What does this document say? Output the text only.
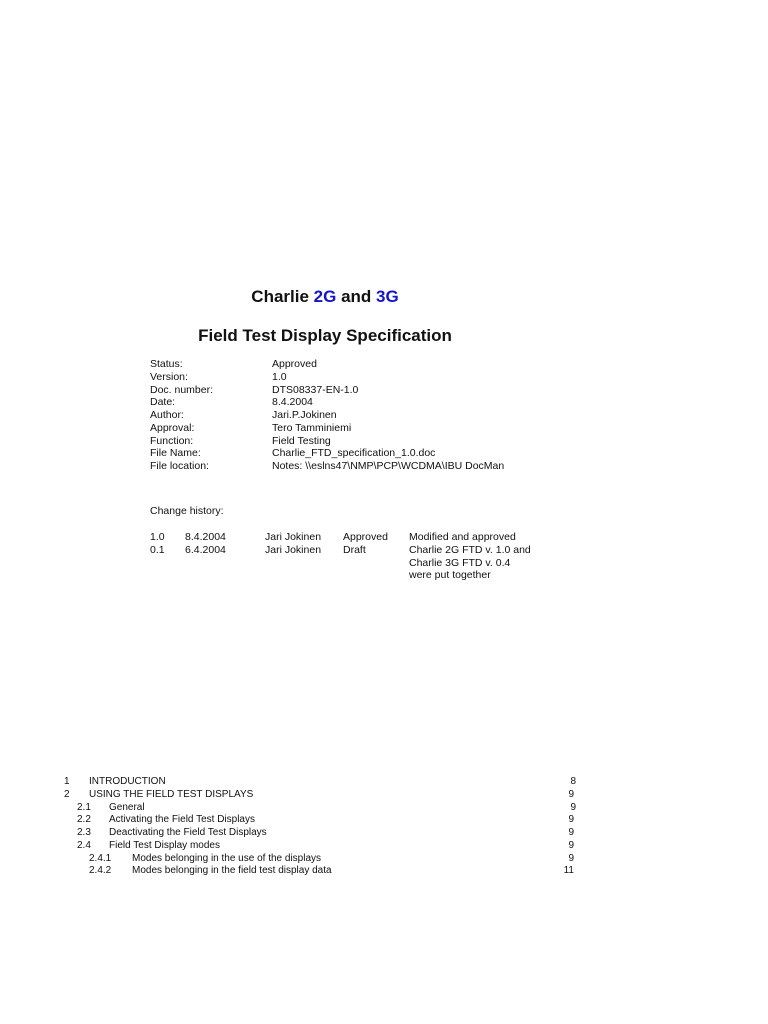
Charlie 2G and 3G
Field Test Display Specification
Status:	Approved
Version:	1.0
Doc. number:	DTS08337-EN-1.0
Date:	8.4.2004
Author:	Jari.P.Jokinen
Approval:	Tero Tamminiemi
Function:	Field Testing
File Name:	Charlie_FTD_specification_1.0.doc
File location:	Notes: \\eslns47\NMP\PCP\WCDMA\IBU DocMan
Change history:
1.0	8.4.2004	Jari Jokinen	Approved	Modified and approved
0.1	6.4.2004	Jari Jokinen	Draft	Charlie 2G FTD v. 1.0 and Charlie 3G FTD v. 0.4 were put together
1	INTRODUCTION .....	8
2	USING THE FIELD TEST DISPLAYS .....	9
2.1	General .....	9
2.2	Activating the Field Test Displays .....	9
2.3	Deactivating the Field Test Displays .....	9
2.4	Field Test Display modes .....	9
2.4.1	Modes belonging in the use of the displays .....	9
2.4.2	Modes belonging in the field test display data .....	11
